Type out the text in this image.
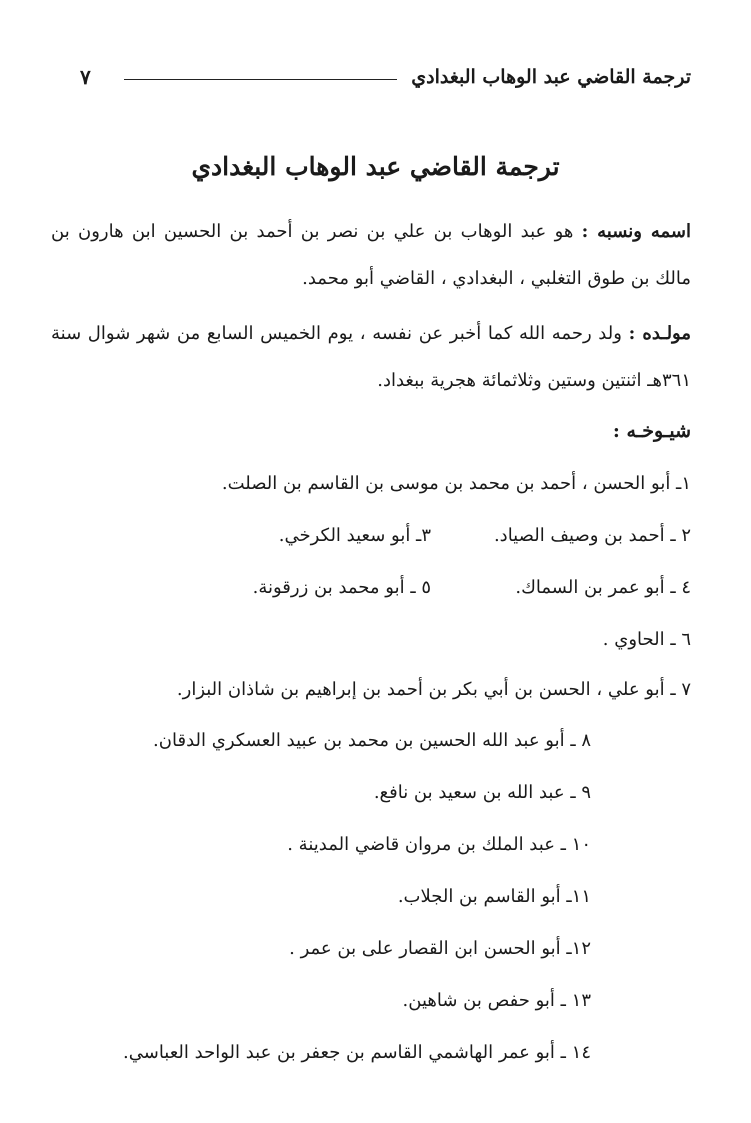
ترجمة القاضي عبد الوهاب البغدادي
٧
ترجمة القاضي عبد الوهاب البغدادي

اسمه ونسبه : هو عبد الوهاب بن علي بن نصر بن أحمد بن الحسين ابن هارون بن مالك بن طوق التغلبي ، البغدادي ، القاضي أبو محمد.

مولـده : ولد رحمه الله كما أخبر عن نفسه ، يوم الخميس السابع من شهر شوال سنة ٣٦١هـ اثنتين وستين وثلاثمائة هجرية ببغداد.

شيـوخـه :
١ـ أبو الحسن ، أحمد بن محمد بن موسى بن القاسم بن الصلت.
٢ ـ أحمد بن وصيف الصياد.
٣ـ أبو سعيد الكرخي.
٤ ـ أبو عمر بن السماك.
٥ ـ أبو محمد بن زرقونة.
٦ ـ الحاوي .
٧ ـ أبو علي ، الحسن بن أبي بكر بن أحمد بن إبراهيم بن شاذان البزار.
٨ ـ أبو عبد الله الحسين بن محمد بن عبيد العسكري الدقان.
٩ ـ عبد الله بن سعيد بن نافع.
١٠ ـ عبد الملك بن مروان قاضي المدينة .
١١ـ أبو القاسم بن الجلاب.
١٢ـ أبو الحسن ابن القصار على بن عمر .
١٣ ـ أبو حفص بن شاهين.
١٤ ـ أبو عمر الهاشمي القاسم بن جعفر بن عبد الواحد العباسي.
